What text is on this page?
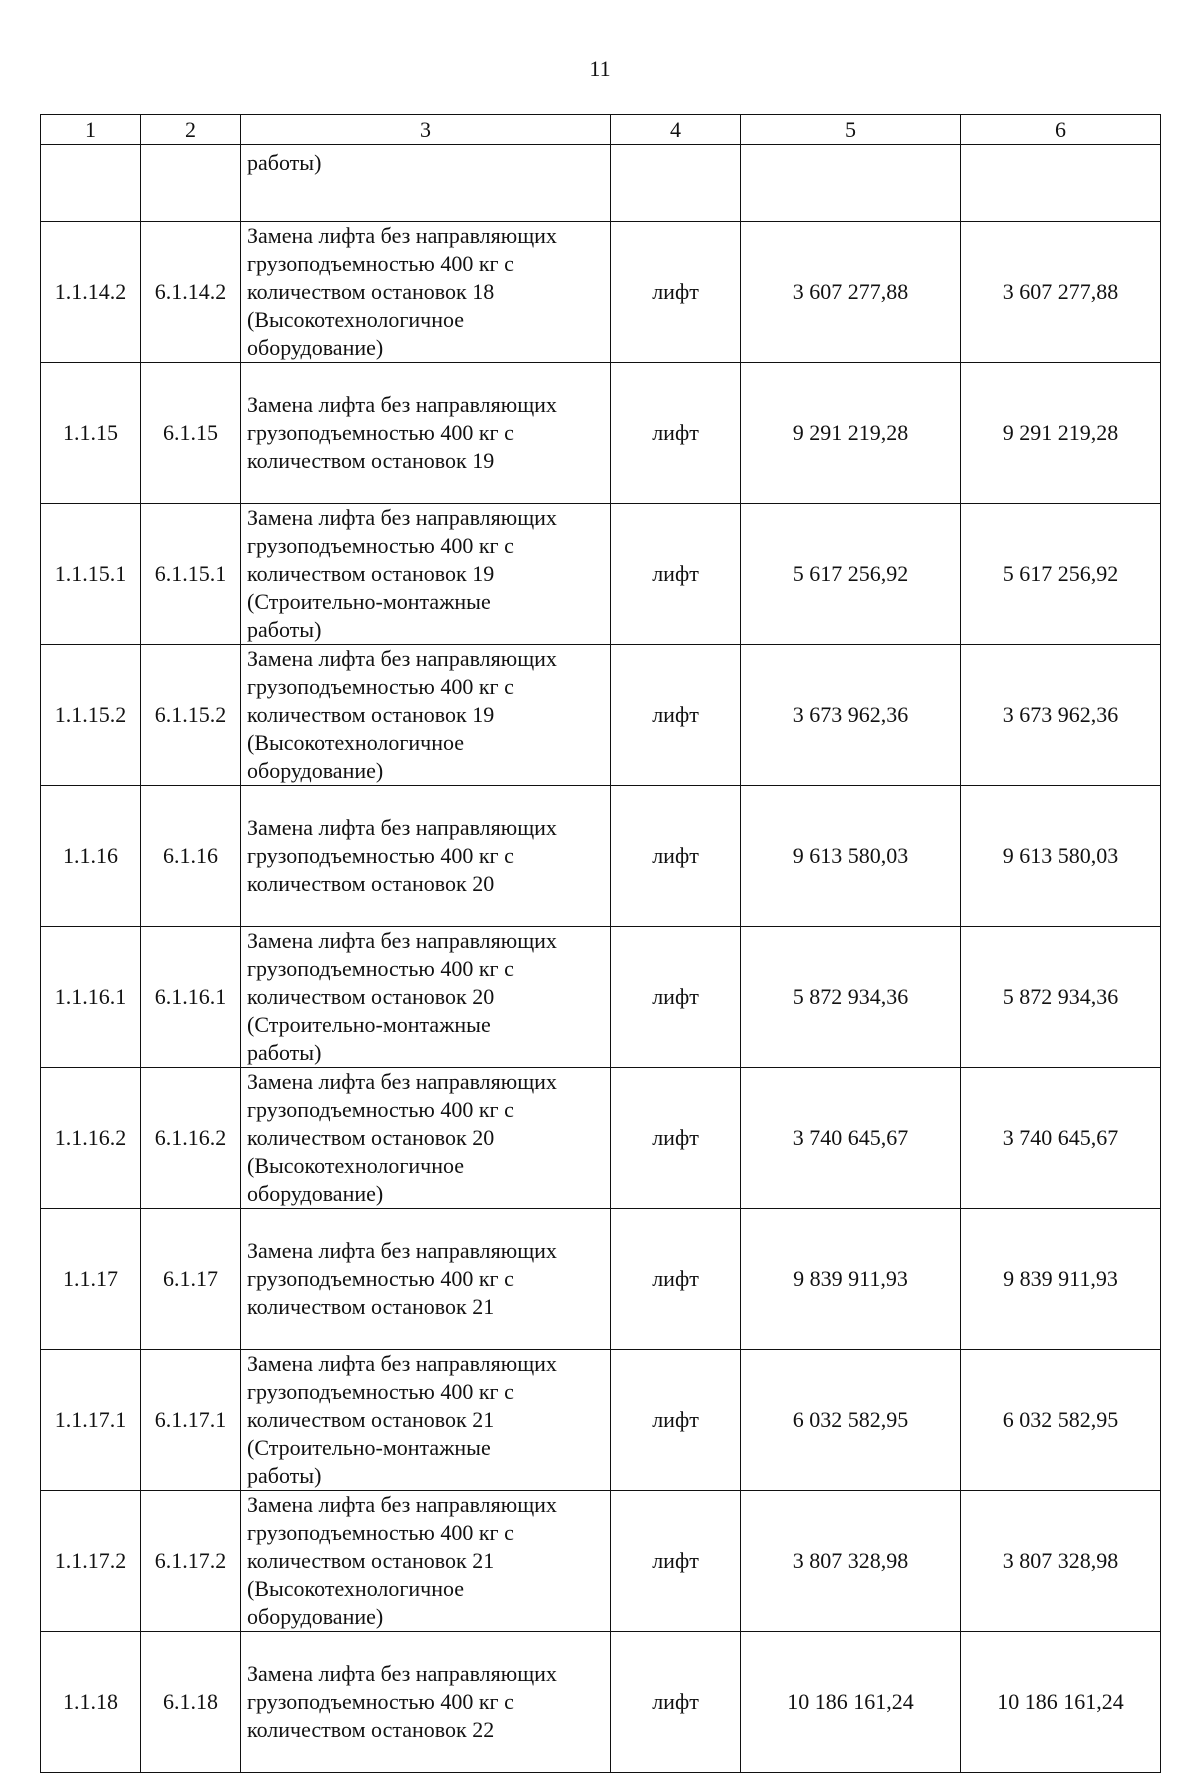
11
1	2	3	4	5	6
		работы)			
1.1.14.2	6.1.14.2	Замена лифта без направляющих
грузоподъемностью 400 кг с
количеством остановок 18
(Высокотехнологичное
оборудование)	лифт	3 607 277,88	3 607 277,88
1.1.15	6.1.15	Замена лифта без направляющих
грузоподъемностью 400 кг с
количеством остановок 19	лифт	9 291 219,28	9 291 219,28
1.1.15.1	6.1.15.1	Замена лифта без направляющих
грузоподъемностью 400 кг с
количеством остановок 19
(Строительно-монтажные
работы)	лифт	5 617 256,92	5 617 256,92
1.1.15.2	6.1.15.2	Замена лифта без направляющих
грузоподъемностью 400 кг с
количеством остановок 19
(Высокотехнологичное
оборудование)	лифт	3 673 962,36	3 673 962,36
1.1.16	6.1.16	Замена лифта без направляющих
грузоподъемностью 400 кг с
количеством остановок 20	лифт	9 613 580,03	9 613 580,03
1.1.16.1	6.1.16.1	Замена лифта без направляющих
грузоподъемностью 400 кг с
количеством остановок 20
(Строительно-монтажные
работы)	лифт	5 872 934,36	5 872 934,36
1.1.16.2	6.1.16.2	Замена лифта без направляющих
грузоподъемностью 400 кг с
количеством остановок 20
(Высокотехнологичное
оборудование)	лифт	3 740 645,67	3 740 645,67
1.1.17	6.1.17	Замена лифта без направляющих
грузоподъемностью 400 кг с
количеством остановок 21	лифт	9 839 911,93	9 839 911,93
1.1.17.1	6.1.17.1	Замена лифта без направляющих
грузоподъемностью 400 кг с
количеством остановок 21
(Строительно-монтажные
работы)	лифт	6 032 582,95	6 032 582,95
1.1.17.2	6.1.17.2	Замена лифта без направляющих
грузоподъемностью 400 кг с
количеством остановок 21
(Высокотехнологичное
оборудование)	лифт	3 807 328,98	3 807 328,98
1.1.18	6.1.18	Замена лифта без направляющих
грузоподъемностью 400 кг с
количеством остановок 22	лифт	10 186 161,24	10 186 161,24
